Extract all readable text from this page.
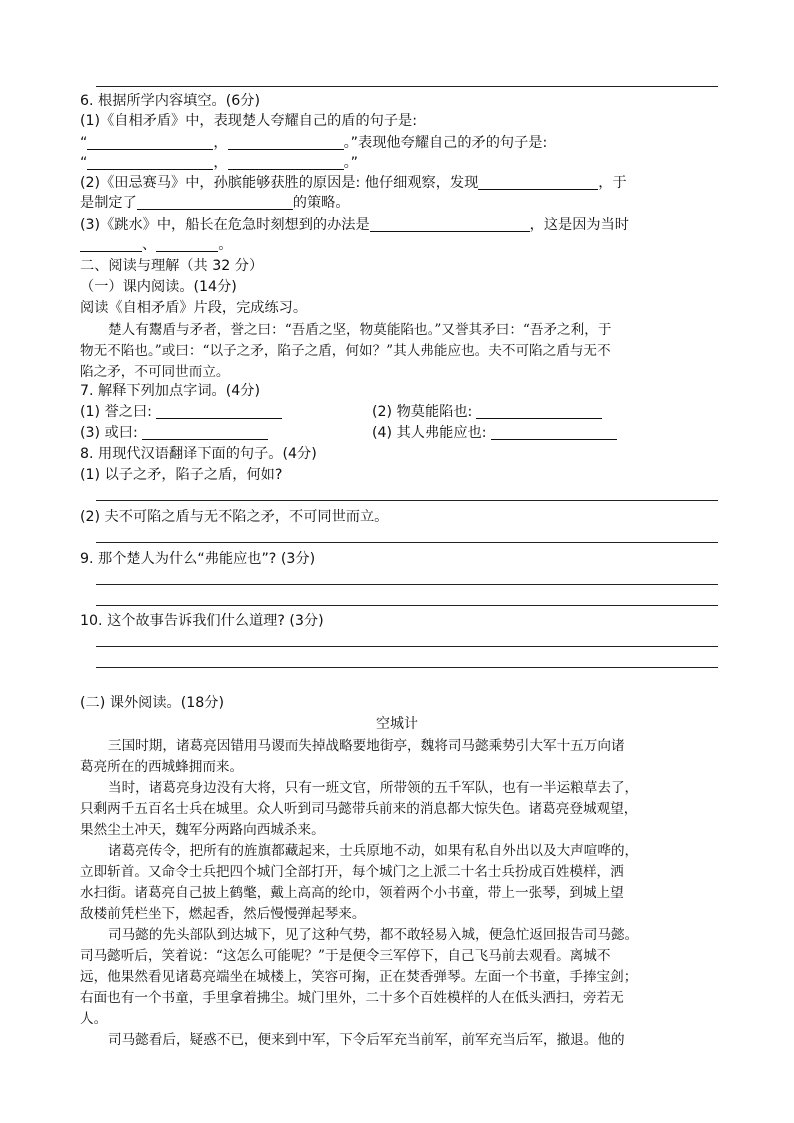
6. 根据所学内容填空。(6分)
(1)《自相矛盾》中，表现楚人夸耀自己的盾的句子是:
“	，	。”表现他夸耀自己的矛的句子是:
“	，	。”
(2)《田忌赛马》中，孙膑能够获胜的原因是: 他仔细观察，发现	，于
是制定了	的策略。
(3)《跳水》中，船长在危急时刻想到的办法是	，这是因为当时
、	。
二、阅读与理解（共 32 分）
（一）课内阅读。(14分)
阅读《自相矛盾》片段，完成练习。
楚人有鬻盾与矛者，誉之曰：“吾盾之坚，物莫能陷也。”又誉其矛曰：“吾矛之利，于
物无不陷也。”或曰：“以子之矛，陷子之盾，何如？”其人弗能应也。夫不可陷之盾与无不
陷之矛，不可同世而立。
7. 解释下列加点字词。(4分)
(1) 誉之曰:	(2) 物莫能陷也:
(3) 或曰:	(4) 其人弗能应也:
8. 用现代汉语翻译下面的句子。(4分)
(1) 以子之矛，陷子之盾，何如?
(2) 夫不可陷之盾与无不陷之矛，不可同世而立。
9. 那个楚人为什么“弗能应也”? (3分)
10. 这个故事告诉我们什么道理? (3分)
(二) 课外阅读。(18分)
空城计
三国时期，诸葛亮因错用马谡而失掉战略要地街亭，魏将司马懿乘势引大军十五万向诸
葛亮所在的西城蜂拥而来。
当时，诸葛亮身边没有大将，只有一班文官，所带领的五千军队，也有一半运粮草去了，
只剩两千五百名士兵在城里。众人听到司马懿带兵前来的消息都大惊失色。诸葛亮登城观望，
果然尘土冲天，魏军分两路向西城杀来。
诸葛亮传令，把所有的旌旗都藏起来，士兵原地不动，如果有私自外出以及大声喧哗的，
立即斩首。又命令士兵把四个城门全部打开，每个城门之上派二十名士兵扮成百姓模样，洒
水扫街。诸葛亮自己披上鹤氅，戴上高高的纶巾，领着两个小书童，带上一张琴，到城上望
敌楼前凭栏坐下，燃起香，然后慢慢弹起琴来。
司马懿的先头部队到达城下，见了这种气势，都不敢轻易入城，便急忙返回报告司马懿。
司马懿听后，笑着说：“这怎么可能呢？”于是便令三军停下，自己飞马前去观看。离城不
远，他果然看见诸葛亮端坐在城楼上，笑容可掬，正在焚香弹琴。左面一个书童，手捧宝剑；
右面也有一个书童，手里拿着拂尘。城门里外，二十多个百姓模样的人在低头洒扫，旁若无
人。
司马懿看后，疑惑不已，便来到中军，下令后军充当前军，前军充当后军，撤退。他的
